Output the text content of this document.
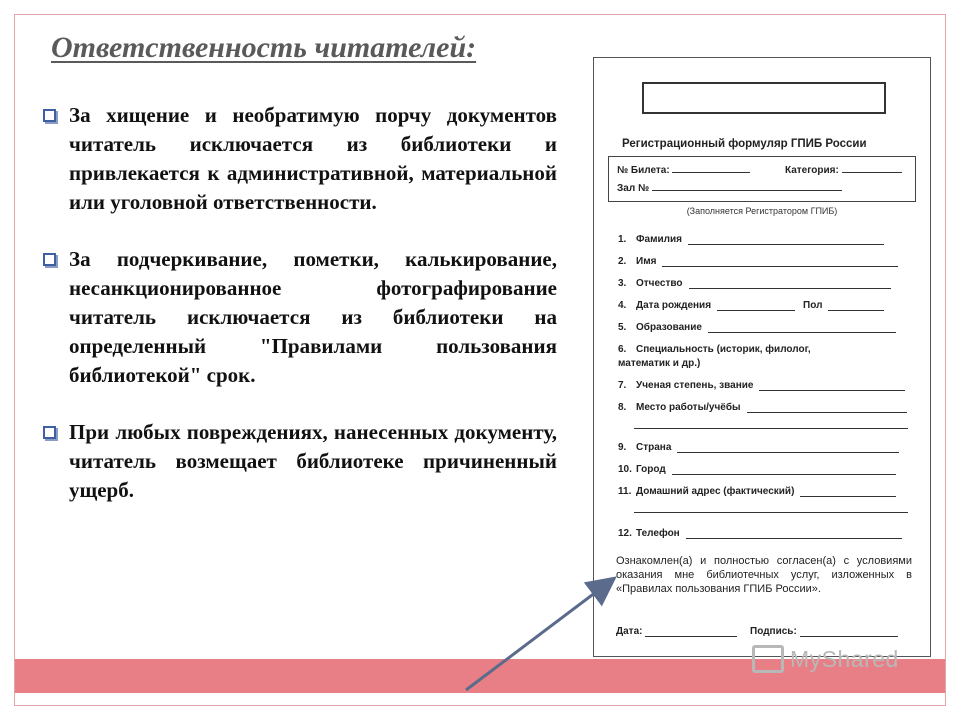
Ответственность читателей:
За хищение и необратимую порчу документов читатель исключается из библиотеки и привлекается к административной, материальной или уголовной ответственности.
За подчеркивание, пометки, калькирование, несанкционированное фотографирование читатель исключается из библиотеки на определенный "Правилами пользования библиотекой" срок.
При любых повреждениях, нанесенных документу, читатель возмещает библиотеке причиненный ущерб.
Регистрационный формуляр ГПИБ России
№ Билета:	Категория:
Зал №
(Заполняется Регистратором ГПИБ)
1. Фамилия
2. Имя
3. Отчество
4. Дата рождения	Пол
5. Образование
6. Специальность (историк, филолог,
математик и др.)
7. Ученая степень, звание
8. Место работы/учёбы
9. Страна
10. Город
11. Домашний адрес (фактический)
12. Телефон
Ознакомлен(а) и полностью согласен(а) с условиями оказания мне библиотечных услуг, изложенных в «Правилах пользования ГПИБ России».
Дата:	Подпись:
MyShared
